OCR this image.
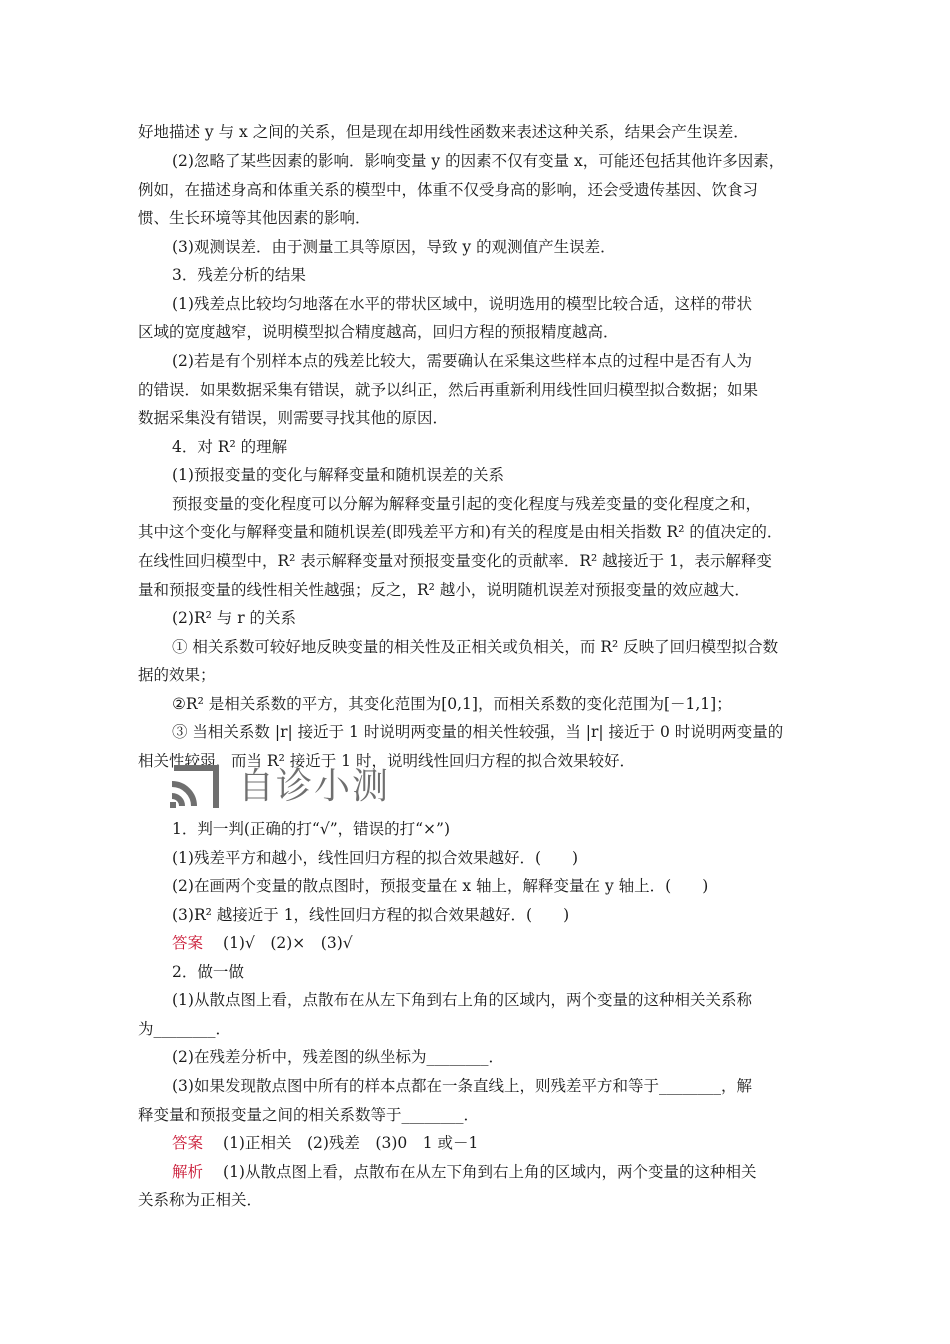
好地描述 y 与 x 之间的关系，但是现在却用线性函数来表述这种关系，结果会产生误差．
(2)忽略了某些因素的影响．影响变量 y 的因素不仅有变量 x，可能还包括其他许多因素，
例如，在描述身高和体重关系的模型中，体重不仅受身高的影响，还会受遗传基因、饮食习
惯、生长环境等其他因素的影响．
(3)观测误差．由于测量工具等原因，导致 y 的观测值产生误差．
3．残差分析的结果
(1)残差点比较均匀地落在水平的带状区域中，说明选用的模型比较合适，这样的带状
区域的宽度越窄，说明模型拟合精度越高，回归方程的预报精度越高．
(2)若是有个别样本点的残差比较大，需要确认在采集这些样本点的过程中是否有人为
的错误．如果数据采集有错误，就予以纠正，然后再重新利用线性回归模型拟合数据；如果
数据采集没有错误，则需要寻找其他的原因．
4．对 R² 的理解
(1)预报变量的变化与解释变量和随机误差的关系
预报变量的变化程度可以分解为解释变量引起的变化程度与残差变量的变化程度之和，
其中这个变化与解释变量和随机误差(即残差平方和)有关的程度是由相关指数 R² 的值决定的．
在线性回归模型中，R² 表示解释变量对预报变量变化的贡献率．R² 越接近于 1，表示解释变
量和预报变量的线性相关性越强；反之，R² 越小，说明随机误差对预报变量的效应越大．
(2)R² 与 r 的关系
① 相关系数可较好地反映变量的相关性及正相关或负相关，而 R² 反映了回归模型拟合数
据的效果；
②R² 是相关系数的平方，其变化范围为[0,1]，而相关系数的变化范围为[－1,1]；
③ 当相关系数 |r| 接近于 1 时说明两变量的相关性较强，当 |r| 接近于 0 时说明两变量的
相关性较弱，而当 R² 接近于 1 时，说明线性回归方程的拟合效果较好．
自诊小测
1．判一判(正确的打“√”，错误的打“×”)
(1)残差平方和越小，线性回归方程的拟合效果越好．(　　)
(2)在画两个变量的散点图时，预报变量在 x 轴上，解释变量在 y 轴上．(　　)
(3)R² 越接近于 1，线性回归方程的拟合效果越好．(　　)
答案 (1)√　(2)×　(3)√
2．做一做
(1)从散点图上看，点散布在从左下角到右上角的区域内，两个变量的这种相关关系称
为________．
(2)在残差分析中，残差图的纵坐标为________．
(3)如果发现散点图中所有的样本点都在一条直线上，则残差平方和等于________，解
释变量和预报变量之间的相关系数等于________．
答案 (1)正相关　(2)残差　(3)0　1 或－1
解析 (1)从散点图上看，点散布在从左下角到右上角的区域内，两个变量的这种相关
关系称为正相关．
